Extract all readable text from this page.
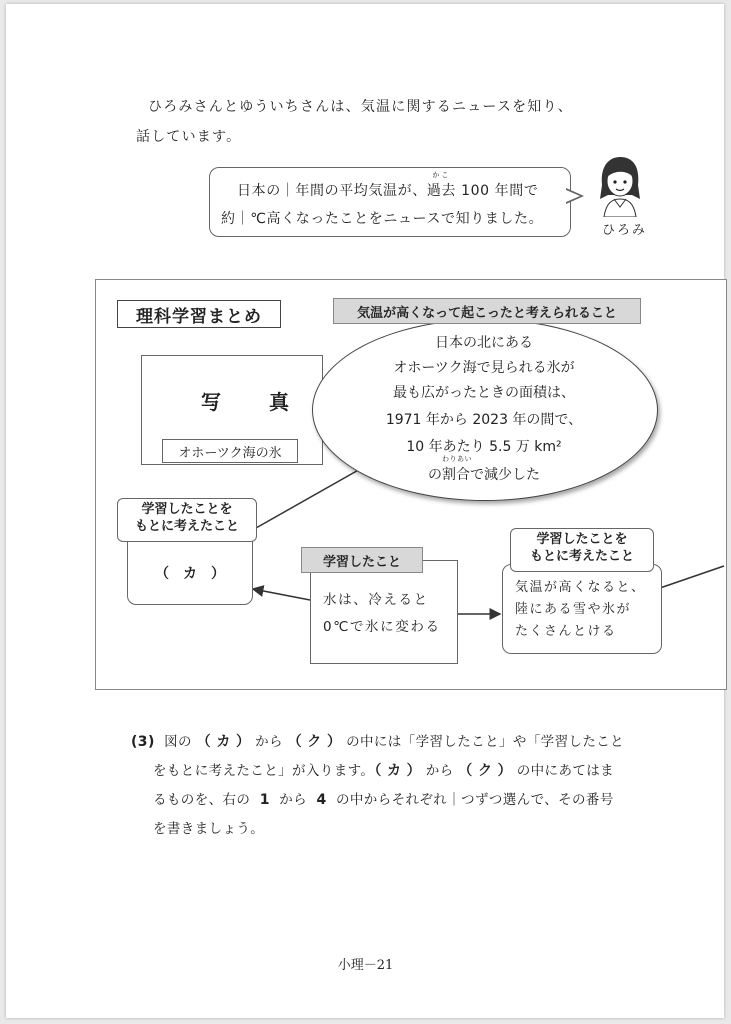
ひろみさんとゆういちさんは、気温に関するニュースを知り、
話しています。

日本の｜年間の平均気温が、
かこ
過去 100 年間で

約｜℃高くなったことをニュースで知りました。

ひろみ
理科学習まとめ
写　真
オホーツク海の氷
気温が高くなって起こったと考えられること
日本の北にある
オホーツク海で見られる氷が
最も広がったときの面積は、
1971 年から 2023 年の間で、
10 年あたり 5.5 万 km²
の
わりあい
割合で減少した
学習したことを
もとに考えたこと
（　カ　）
学習したこと
水は、冷えると
0℃で氷に変わる
学習したことを
もとに考えたこと
気温が高くなると、
陸にある雪や氷が
たくさんとける
(3) 図の （ カ ） から （ ク ） の中には「学習したこと」や「学習したこと
をもとに考えたこと」が入ります。（ カ ） から （ ク ） の中にあてはま
るものを、右の 1 から 4 の中からそれぞれ｜つずつ選んで、その番号
を書きましょう。
小理－21
